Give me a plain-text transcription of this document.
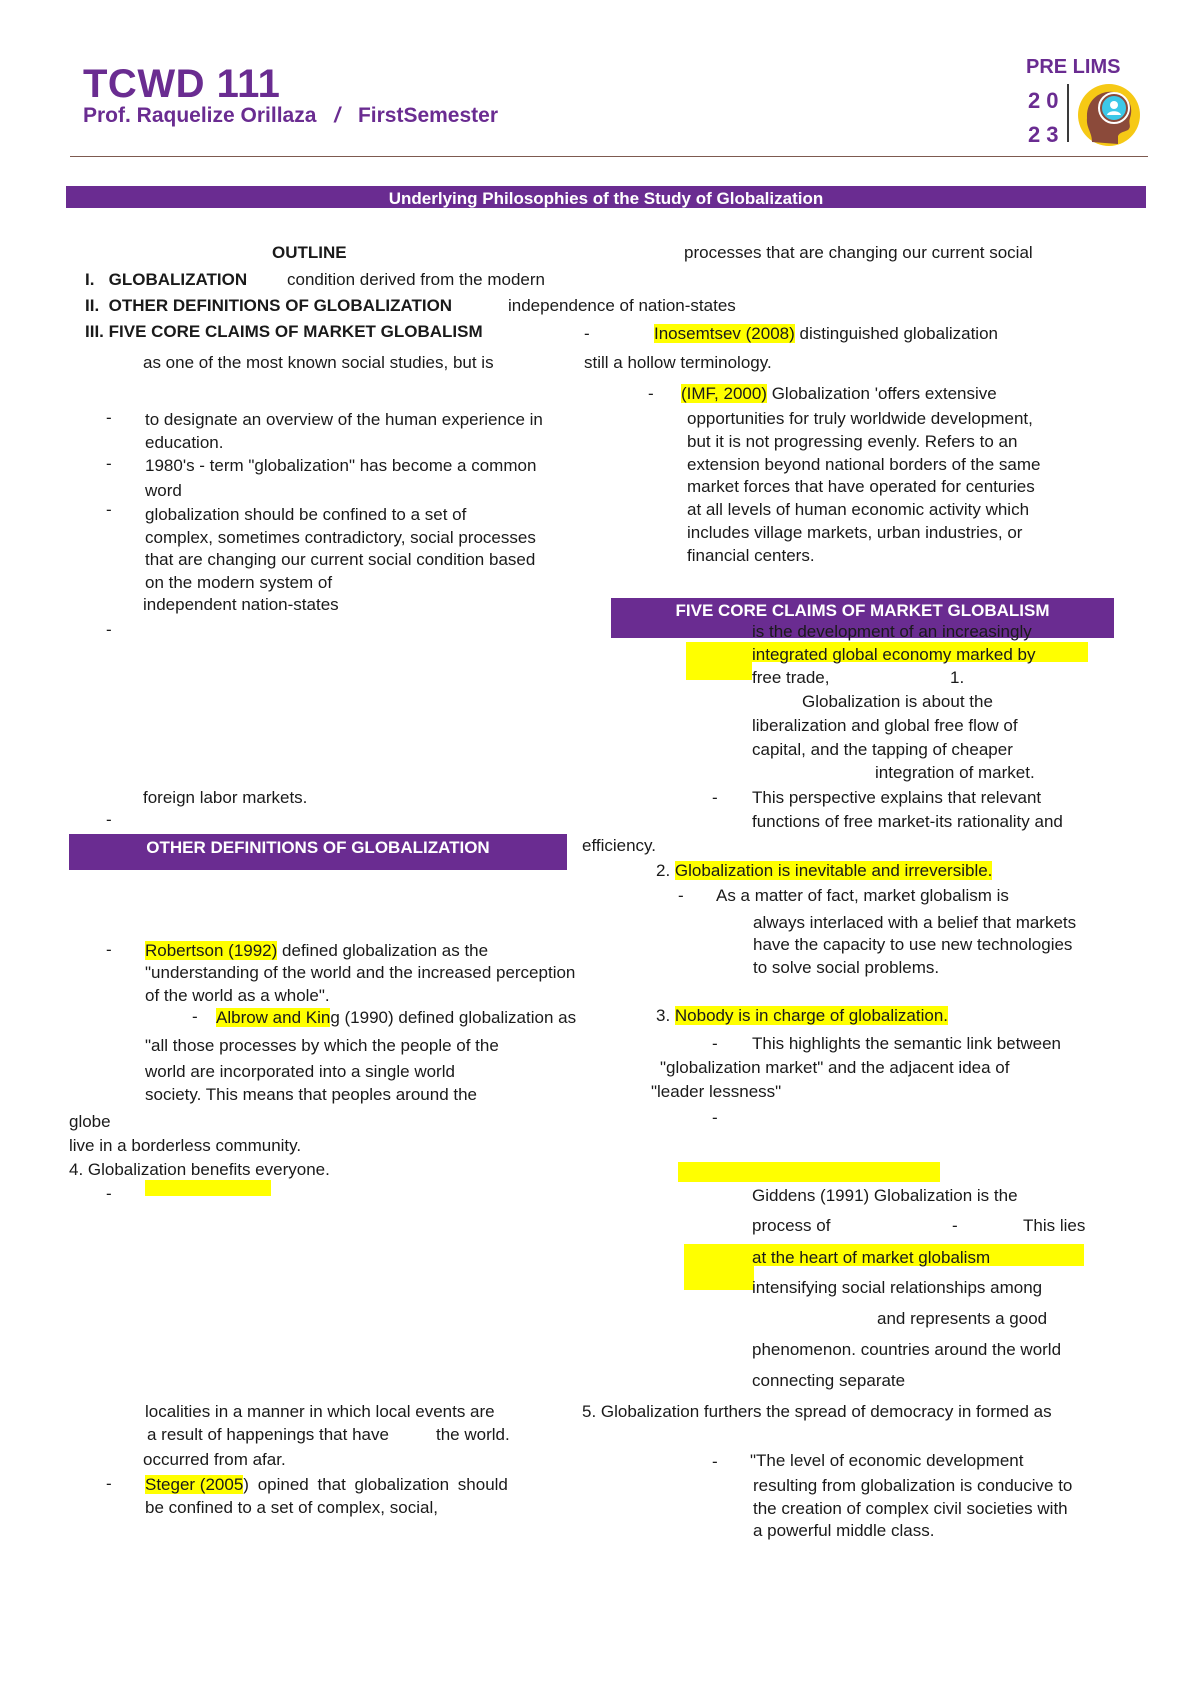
TCWD 111
Prof. Raquelize Orillaza / FirstSemester
PRE LIMS
20
23
Underlying Philosophies of the Study of Globalization
OUTLINE
I. GLOBALIZATION condition derived from the modern
II. OTHER DEFINITIONS OF GLOBALIZATION	independence of nation-states
III. FIVE CORE CLAIMS OF MARKET GLOBALISM
as one of the most known social studies, but is
- to designate an overview of the human experience in
education.
- 1980's - term "globalization" has become a common
word
- globalization should be confined to a set of
complex, sometimes contradictory, social processes
that are changing our current social condition based
on the modern system of
independent nation-states
-
foreign labor markets.
-
OTHER DEFINITIONS OF GLOBALIZATION
- Robertson (1992) defined globalization as the
"understanding of the world and the increased perception
of the world as a whole".
- Albrow and King (1990) defined globalization as
"all those processes by which the people of the
world are incorporated into a single world
society. This means that peoples around the
globe
live in a borderless community.
4. Globalization benefits everyone.
-
localities in a manner in which local events are
a result of happenings that have	the world.
occurred from afar.
- Steger (2005) opined that globalization should
be confined to a set of complex, social,
processes that are changing our current social
-	Inosemtsev (2008) distinguished globalization
still a hollow terminology.
- (IMF, 2000) Globalization 'offers extensive
opportunities for truly worldwide development,
but it is not progressing evenly. Refers to an
extension beyond national borders of the same
market forces that have operated for centuries
at all levels of human economic activity which
includes village markets, urban industries, or
financial centers.
FIVE CORE CLAIMS OF MARKET GLOBALISM
is the development of an increasingly
integrated global economy marked by
free trade,	1.
Globalization is about the
liberalization and global free flow of
capital, and the tapping of cheaper
integration of market.
- This perspective explains that relevant
functions of free market-its rationality and
efficiency.
2. Globalization is inevitable and irreversible.
- As a matter of fact, market globalism is
always interlaced with a belief that markets
have the capacity to use new technologies
to solve social problems.
3. Nobody is in charge of globalization.
- This highlights the semantic link between
"globalization market" and the adjacent idea of
"leader lessness"
-
Giddens (1991) Globalization is the
process of	-	This lies
at the heart of market globalism
intensifying social relationships among
and represents a good
phenomenon. countries around the world
connecting separate
5. Globalization furthers the spread of democracy in formed as
- "The level of economic development
resulting from globalization is conducive to
the creation of complex civil societies with
a powerful middle class.
